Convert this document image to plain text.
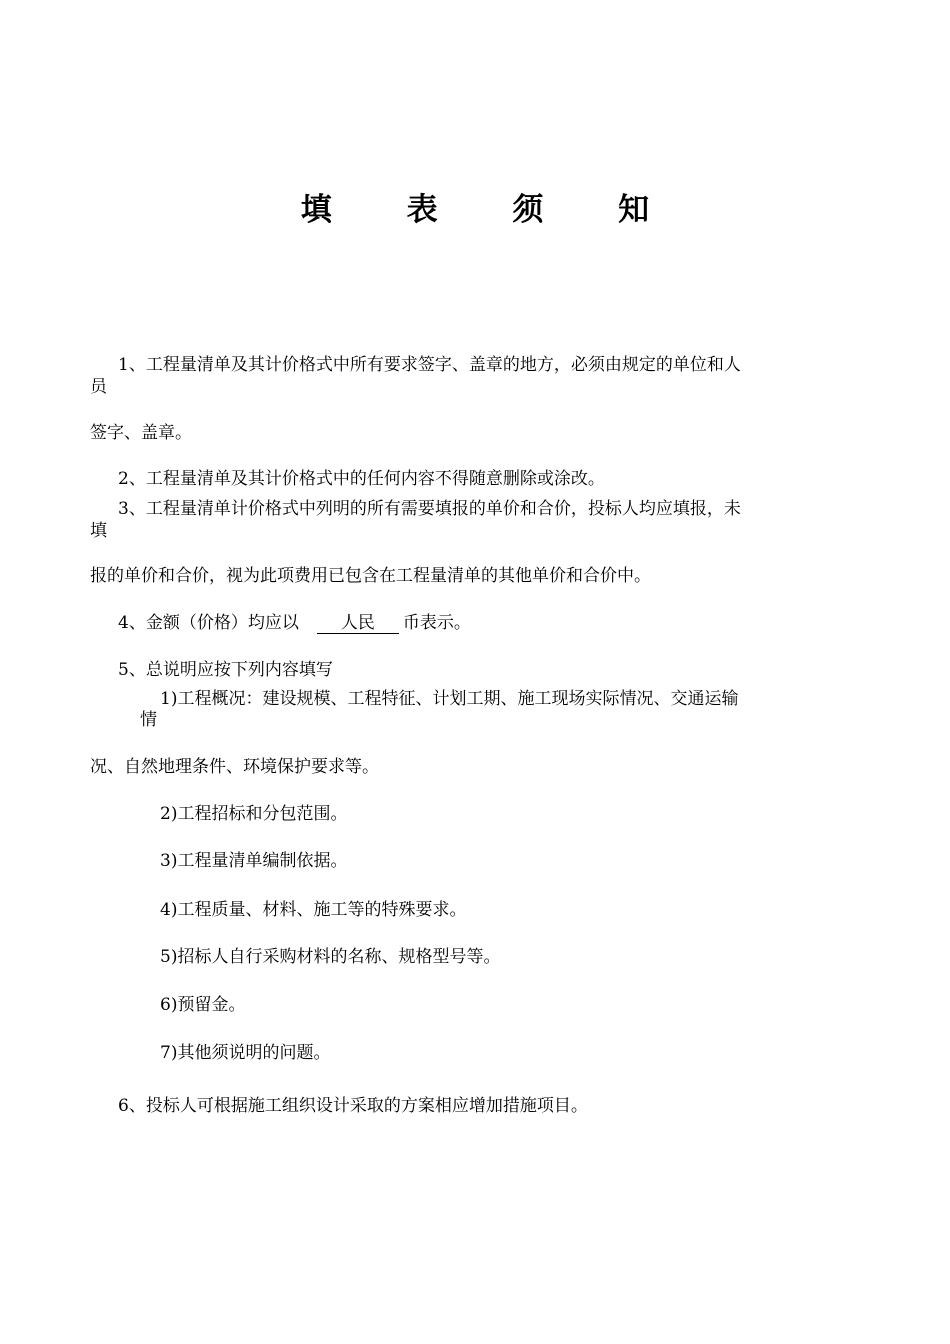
填 表 须 知
1、工程量清单及其计价格式中所有要求签字、盖章的地方，必须由规定的单位和人
员
签字、盖章。
2、工程量清单及其计价格式中的任何内容不得随意删除或涂改。
3、工程量清单计价格式中列明的所有需要填报的单价和合价，投标人均应填报，未
填
报的单价和合价，视为此项费用已包含在工程量清单的其他单价和合价中。
4、金额（价格）均应以 人民 币表示。
5、总说明应按下列内容填写
1)工程概况：建设规模、工程特征、计划工期、施工现场实际情况、交通运输
情
况、自然地理条件、环境保护要求等。
2)工程招标和分包范围。
3)工程量清单编制依据。
4)工程质量、材料、施工等的特殊要求。
5)招标人自行采购材料的名称、规格型号等。
6)预留金。
7)其他须说明的问题。
6、投标人可根据施工组织设计采取的方案相应增加措施项目。
